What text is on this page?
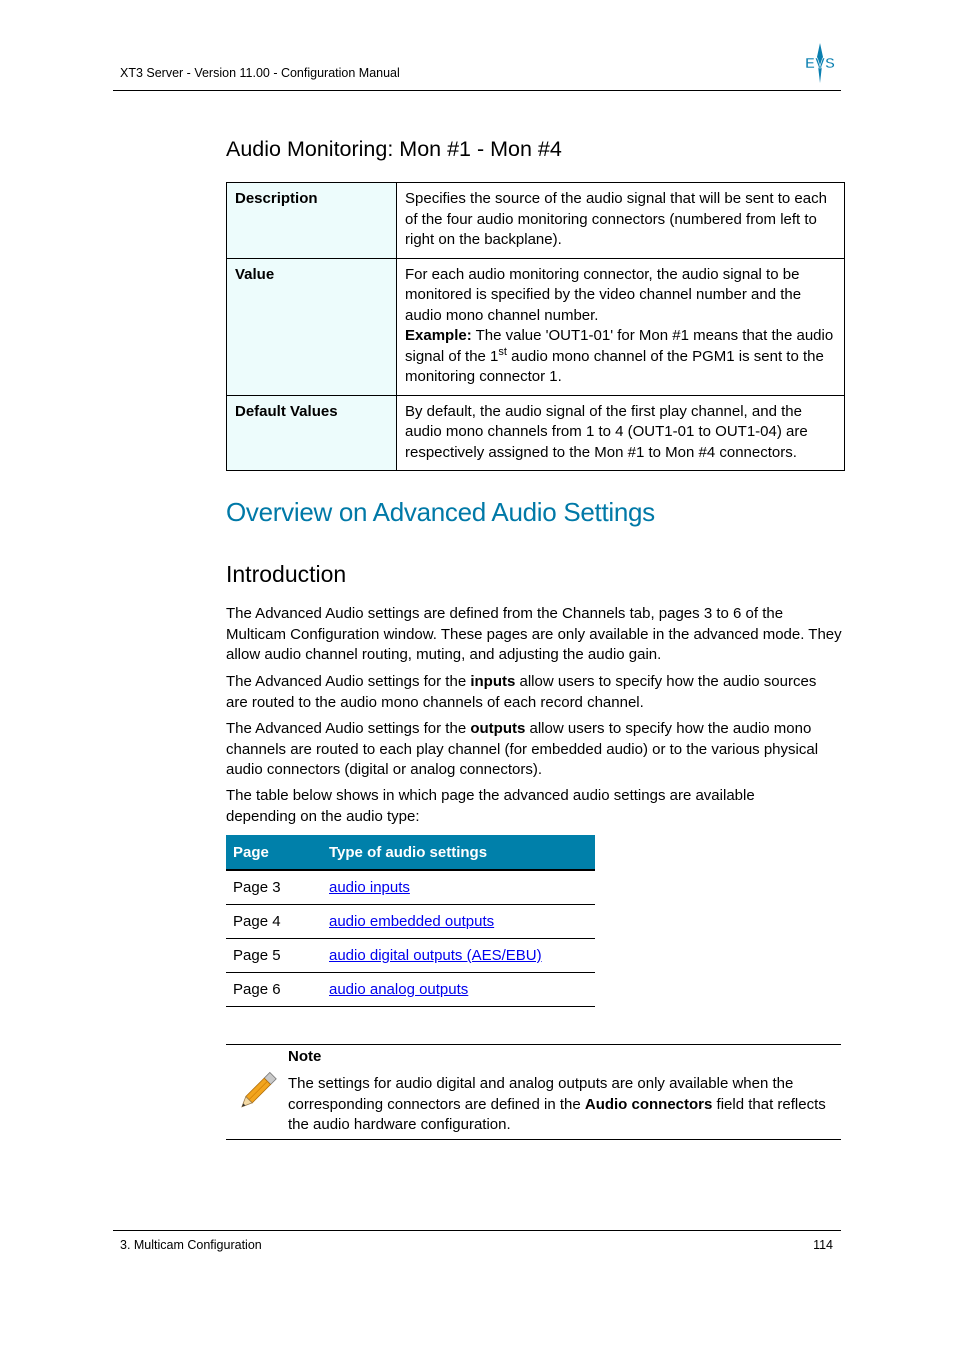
XT3 Server - Version 11.00 - Configuration Manual
EVS
Audio Monitoring: Mon #1 - Mon #4
Description	Specifies the source of the audio signal that will be sent to each of the four audio monitoring connectors (numbered from left to right on the backplane).
Value	For each audio monitoring connector, the audio signal to be monitored is specified by the video channel number and the audio mono channel number.
Example: The value 'OUT1-01' for Mon #1 means that the audio signal of the 1st audio mono channel of the PGM1 is sent to the monitoring connector 1.
Default Values	By default, the audio signal of the first play channel, and the audio mono channels from 1 to 4 (OUT1-01 to OUT1-04) are respectively assigned to the Mon #1 to Mon #4 connectors.
Overview on Advanced Audio Settings
Introduction

The Advanced Audio settings are defined from the Channels tab, pages 3 to 6 of the Multicam Configuration window. These pages are only available in the advanced mode. They allow audio channel routing, muting, and adjusting the audio gain.

The Advanced Audio settings for the inputs allow users to specify how the audio sources are routed to the audio mono channels of each record channel.

The Advanced Audio settings for the outputs allow users to specify how the audio mono channels are routed to each play channel (for embedded audio) or to the various physical audio connectors (digital or analog connectors).

The table below shows in which page the advanced audio settings are available depending on the audio type:

Page	Type of audio settings
Page 3	audio inputs
Page 4	audio embedded outputs
Page 5	audio digital outputs (AES/EBU)
Page 6	audio analog outputs
Note

The settings for audio digital and analog outputs are only available when the corresponding connectors are defined in the Audio connectors field that reflects the audio hardware configuration.

3. Multicam Configuration	114
